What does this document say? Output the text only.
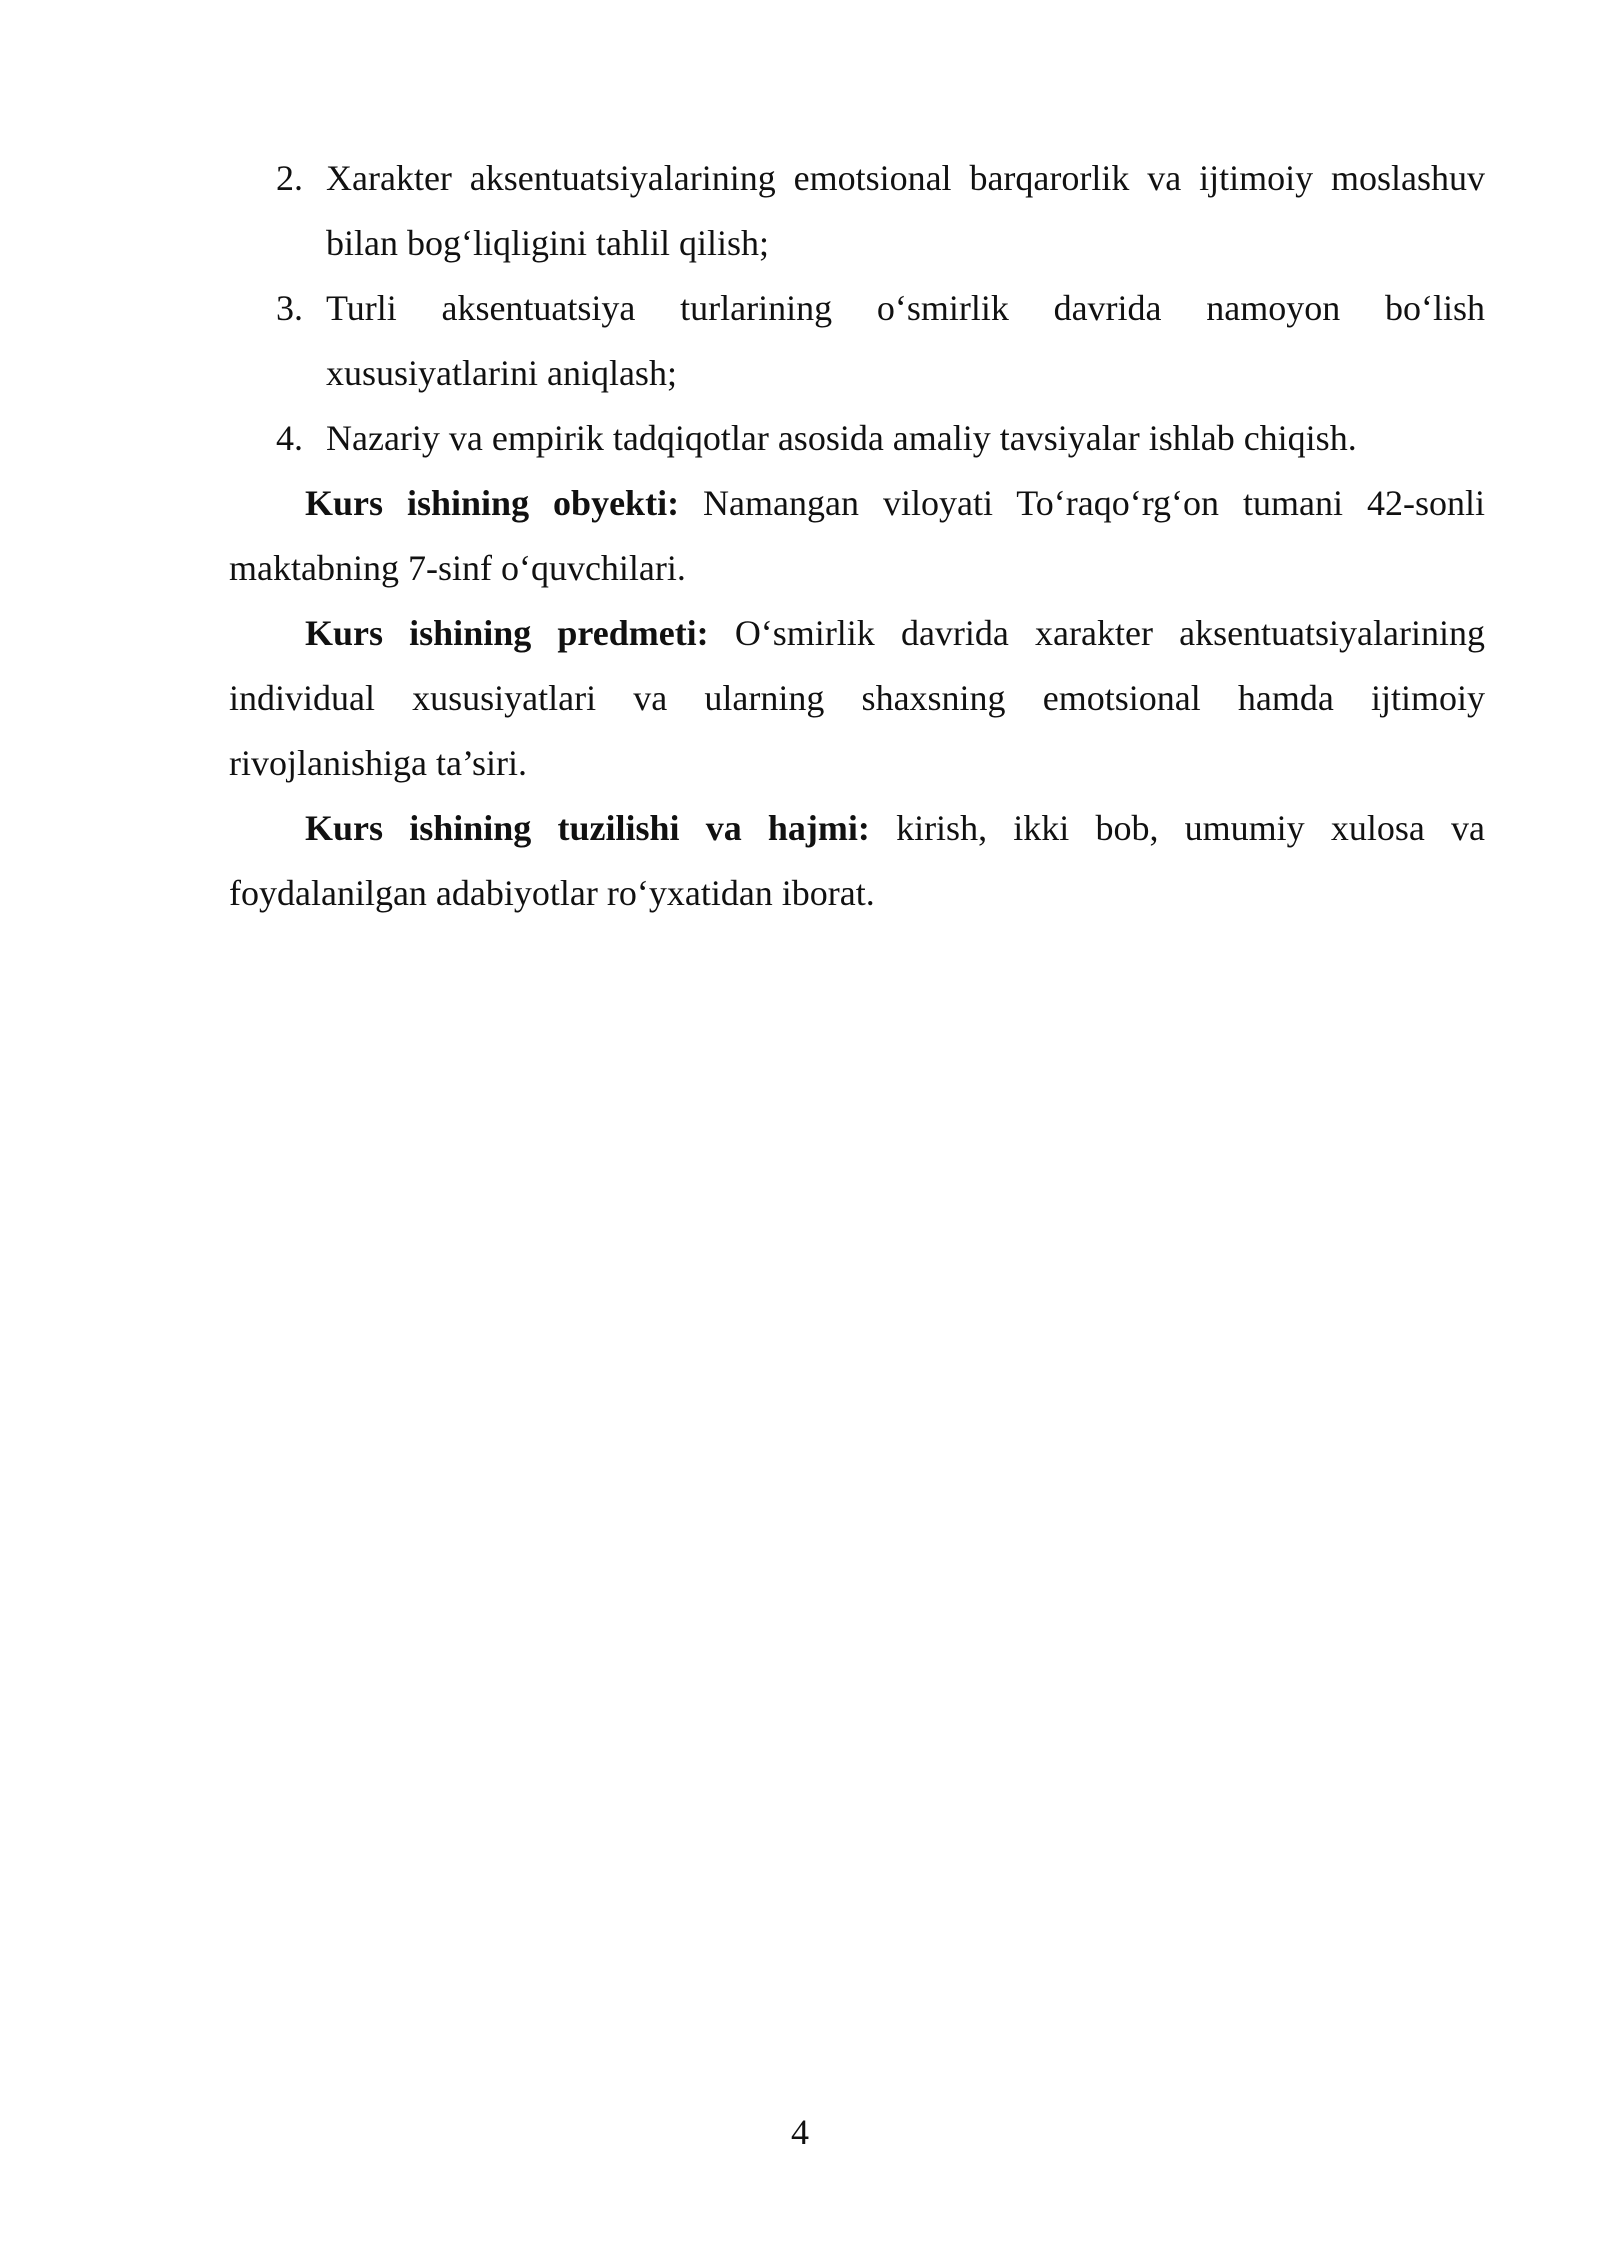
2. Xarakter aksentuatsiyalarining emotsional barqarorlik va ijtimoiy moslashuv bilan bog‘liqligini tahlil qilish;
3. Turli aksentuatsiya turlarining o‘smirlik davrida namoyon bo‘lish xususiyatlarini aniqlash;
4. Nazariy va empirik tadqiqotlar asosida amaliy tavsiyalar ishlab chiqish.

Kurs ishining obyekti: Namangan viloyati To‘raqo‘rg‘on tumani 42-sonli maktabning 7-sinf o‘quvchilari.

Kurs ishining predmeti: O‘smirlik davrida xarakter aksentuatsiyalarining individual xususiyatlari va ularning shaxsning emotsional hamda ijtimoiy rivojlanishiga ta’siri.

Kurs ishining tuzilishi va hajmi: kirish, ikki bob, umumiy xulosa va foydalanilgan adabiyotlar ro‘yxatidan iborat.

4
